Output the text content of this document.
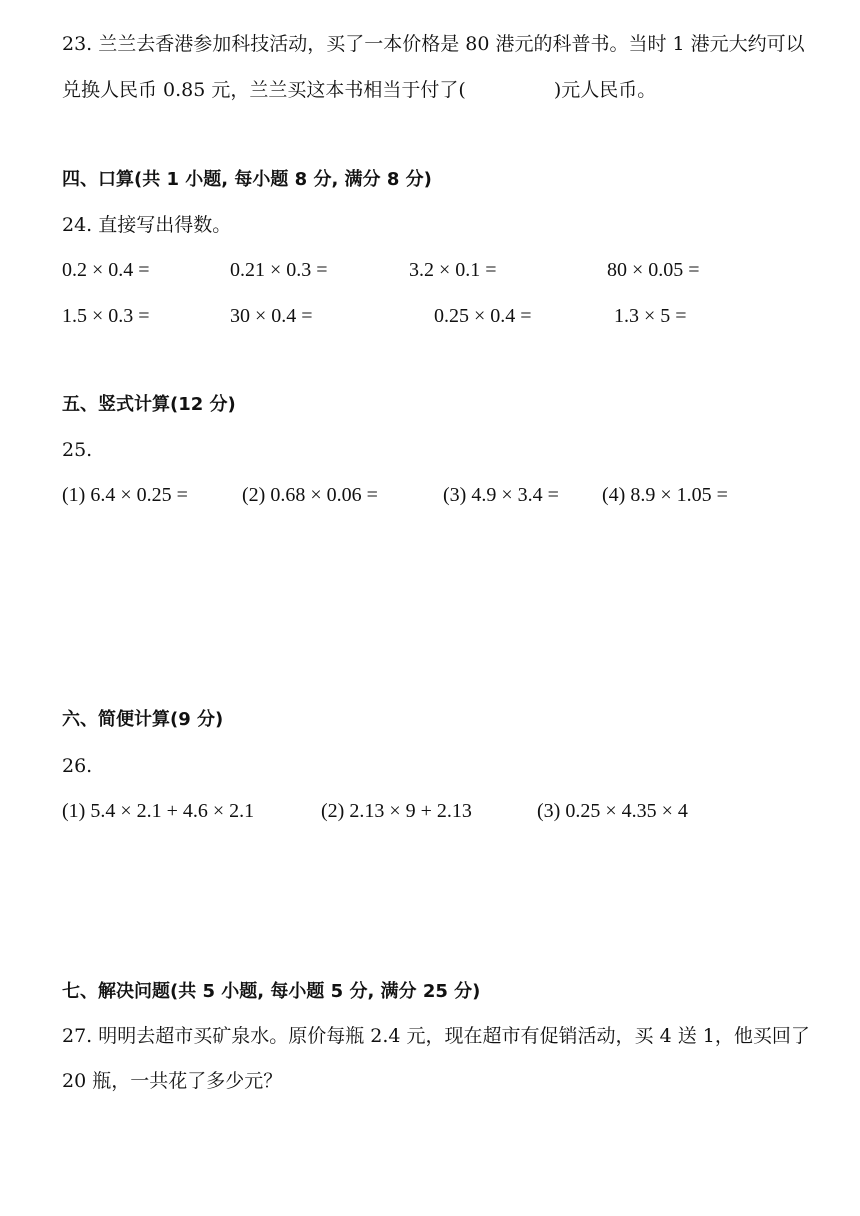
23. 兰兰去香港参加科技活动，买了一本价格是 80 港元的科普书。当时 1 港元大约可以
兑换人民币 0.85 元，兰兰买这本书相当于付了(	)元人民币。
四、口算(共 1 小题, 每小题 8 分, 满分 8 分)
24. 直接写出得数。
0.2 × 0.4 =	0.21 × 0.3 =	3.2 × 0.1 =	80 × 0.05 =
1.5 × 0.3 =	30 × 0.4 =	0.25 × 0.4 =	1.3 × 5 =
五、竖式计算(12 分)
25.
(1) 6.4 × 0.25 =	(2) 0.68 × 0.06 =	(3) 4.9 × 3.4 = (4) 8.9 × 1.05 =
六、简便计算(9 分)
26.
(1) 5.4 × 2.1 + 4.6 × 2.1	(2) 2.13 × 9 + 2.13	(3) 0.25 × 4.35 × 4
七、解决问题(共 5 小题, 每小题 5 分, 满分 25 分)
27. 明明去超市买矿泉水。原价每瓶 2.4 元，现在超市有促销活动，买 4 送 1，他买回了
20 瓶，一共花了多少元？
